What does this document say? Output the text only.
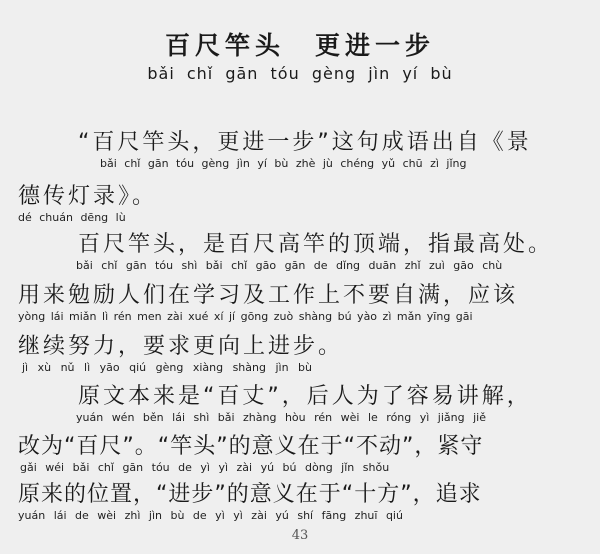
百尺竿头　更进一步
bǎi chǐ gān tóu gèng jìn yí bù
“百尺竿头，更进一步”这句成语出自《景
bǎi chǐ gān tóu gèng jìn yí bù zhè jù chéng yǔ chū zì jǐng
德传灯录》。
dé chuán dēng lù
百尺竿头，是百尺高竿的顶端，指最高处。
bǎi chǐ gān tóu shì bǎi chǐ gāo gān de dǐng duān zhǐ zuì gāo chù
用来勉励人们在学习及工作上不要自满，应该
yòng lái miǎn lì rén men zài xué xí jí gōng zuò shàng bú yào zì mǎn yīng gāi
继续努力，要求更向上进步。
jì xù nǔ lì yāo qiú gèng xiàng shàng jìn bù
原文本来是“百丈”，后人为了容易讲解，
yuán wén běn lái shì bǎi zhàng hòu rén wèi le róng yì jiǎng jiě
改为“百尺”。“竿头”的意义在于“不动”，紧守
gǎi wéi bǎi chǐ gān tóu de yì yì zài yú bú dòng jǐn shǒu
原来的位置，“进步”的意义在于“十方”，追求
yuán lái de wèi zhì jìn bù de yì yì zài yú shí fāng zhuī qiú
43
